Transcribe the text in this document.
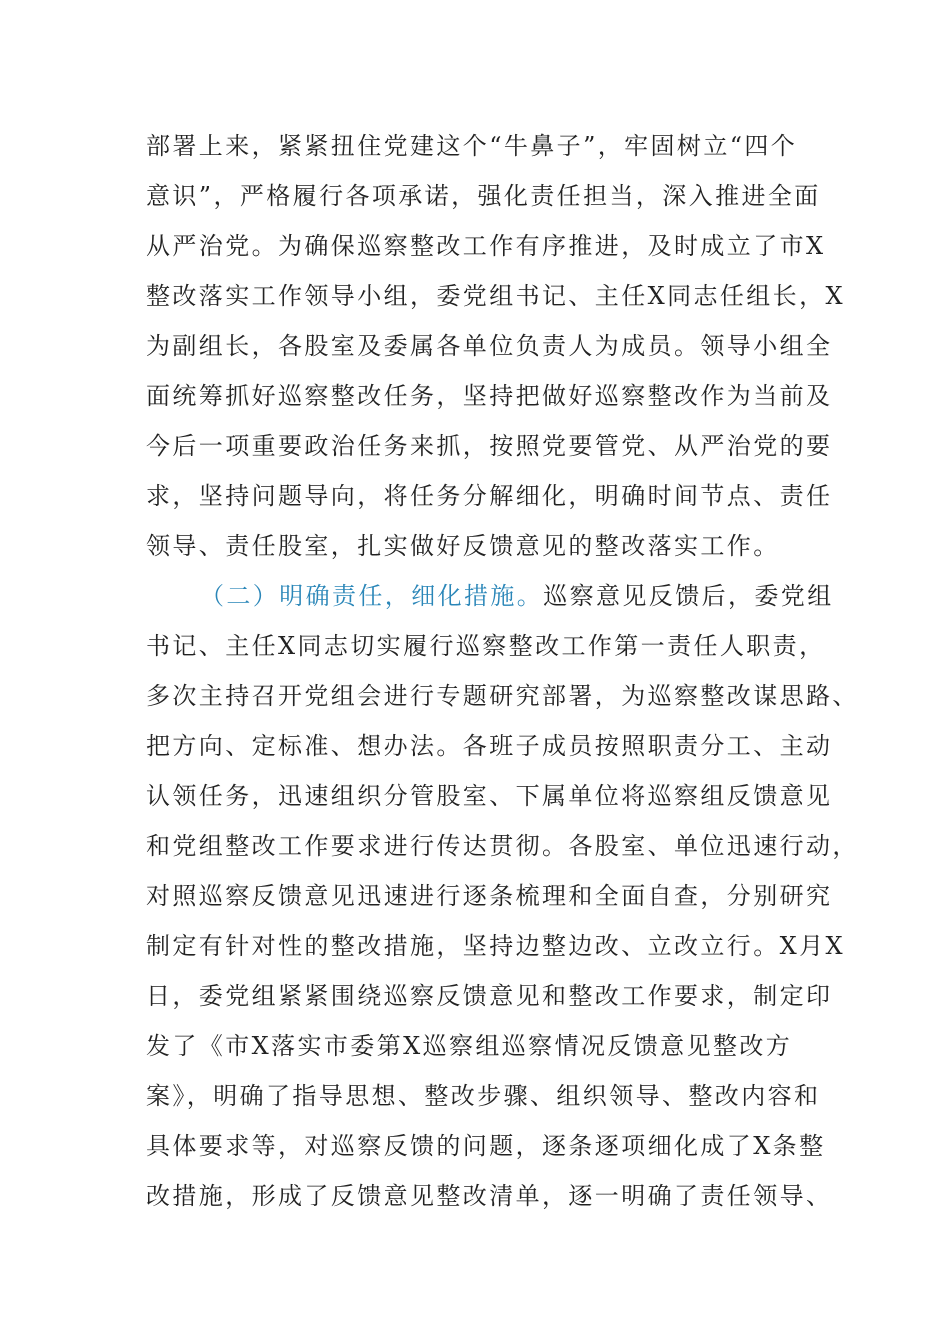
部署上来，紧紧扭住党建这个“牛鼻子”，牢固树立“四个
意识”，严格履行各项承诺，强化责任担当，深入推进全面
从严治党。为确保巡察整改工作有序推进，及时成立了市X
整改落实工作领导小组，委党组书记、主任X同志任组长，X
为副组长，各股室及委属各单位负责人为成员。领导小组全
面统筹抓好巡察整改任务，坚持把做好巡察整改作为当前及
今后一项重要政治任务来抓，按照党要管党、从严治党的要
求，坚持问题导向，将任务分解细化，明确时间节点、责任
领导、责任股室，扎实做好反馈意见的整改落实工作。
（二）明确责任，细化措施。巡察意见反馈后，委党组
书记、主任X同志切实履行巡察整改工作第一责任人职责，
多次主持召开党组会进行专题研究部署，为巡察整改谋思路、
把方向、定标准、想办法。各班子成员按照职责分工、主动
认领任务，迅速组织分管股室、下属单位将巡察组反馈意见
和党组整改工作要求进行传达贯彻。各股室、单位迅速行动，
对照巡察反馈意见迅速进行逐条梳理和全面自查，分别研究
制定有针对性的整改措施，坚持边整边改、立改立行。X月X
日，委党组紧紧围绕巡察反馈意见和整改工作要求，制定印
发了《市X落实市委第X巡察组巡察情况反馈意见整改方
案》，明确了指导思想、整改步骤、组织领导、整改内容和
具体要求等，对巡察反馈的问题，逐条逐项细化成了X条整
改措施，形成了反馈意见整改清单，逐一明确了责任领导、
